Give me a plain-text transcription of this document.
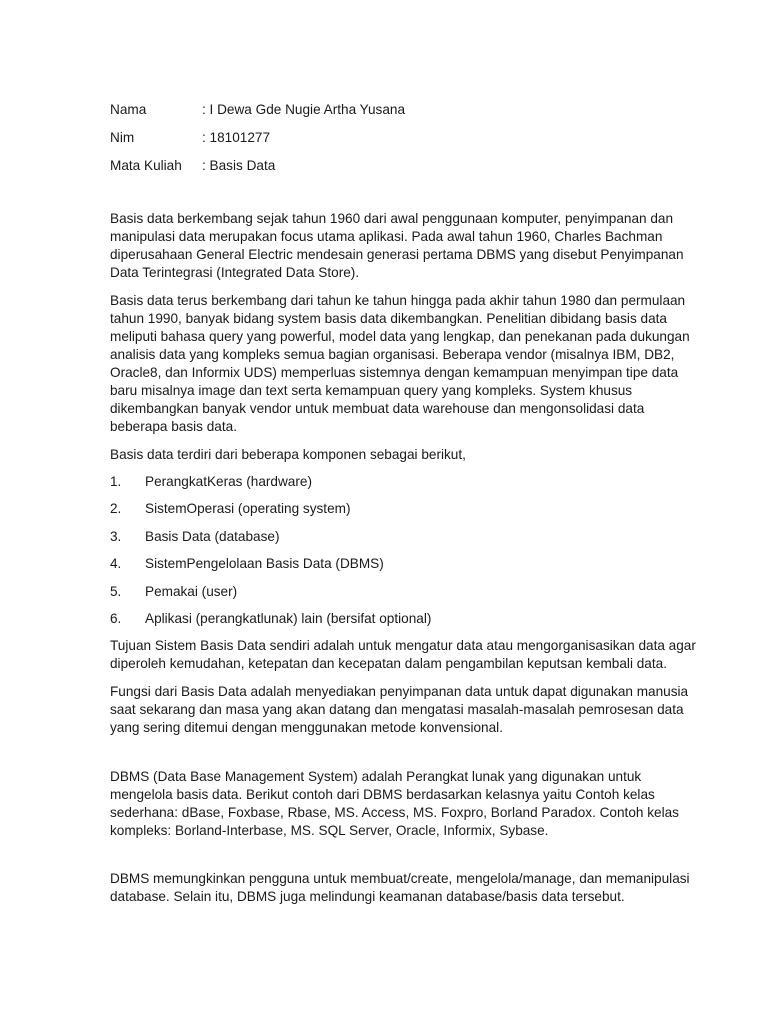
Nama	: I Dewa Gde Nugie Artha Yusana
Nim	: 18101277
Mata Kuliah	: Basis Data

Basis data berkembang sejak tahun 1960 dari awal penggunaan komputer, penyimpanan dan manipulasi data merupakan focus utama aplikasi. Pada awal tahun 1960, Charles Bachman diperusahaan General Electric mendesain generasi pertama DBMS yang disebut Penyimpanan Data Terintegrasi (Integrated Data Store).

Basis data terus berkembang dari tahun ke tahun hingga pada akhir tahun 1980 dan permulaan tahun 1990, banyak bidang system basis data dikembangkan. Penelitian dibidang basis data meliputi bahasa query yang powerful, model data yang lengkap, dan penekanan pada dukungan analisis data yang kompleks semua bagian organisasi. Beberapa vendor (misalnya IBM, DB2, Oracle8, dan Informix UDS) memperluas sistemnya dengan kemampuan menyimpan tipe data baru misalnya image dan text serta kemampuan query yang kompleks. System khusus dikembangkan banyak vendor untuk membuat data warehouse dan mengonsolidasi data beberapa basis data.

Basis data terdiri dari beberapa komponen sebagai berikut,

1.	PerangkatKeras (hardware)
2.	SistemOperasi (operating system)
3.	Basis Data (database)
4.	SistemPengelolaan Basis Data (DBMS)
5.	Pemakai (user)
6.	Aplikasi (perangkatlunak) lain (bersifat optional)

Tujuan Sistem Basis Data sendiri adalah untuk mengatur data atau mengorganisasikan data agar diperoleh kemudahan, ketepatan dan kecepatan dalam pengambilan keputsan kembali data.

Fungsi dari Basis Data adalah menyediakan penyimpanan data untuk dapat digunakan manusia saat sekarang dan masa yang akan datang dan mengatasi masalah-masalah pemrosesan data yang sering ditemui dengan menggunakan metode konvensional.

DBMS (Data Base Management System) adalah Perangkat lunak yang digunakan untuk mengelola basis data. Berikut contoh dari DBMS berdasarkan kelasnya yaitu Contoh kelas sederhana: dBase, Foxbase, Rbase, MS. Access, MS. Foxpro, Borland Paradox. Contoh kelas kompleks: Borland-Interbase, MS. SQL Server, Oracle, Informix, Sybase.

DBMS memungkinkan pengguna untuk membuat/create, mengelola/manage, dan memanipulasi database. Selain itu, DBMS juga melindungi keamanan database/basis data tersebut.
